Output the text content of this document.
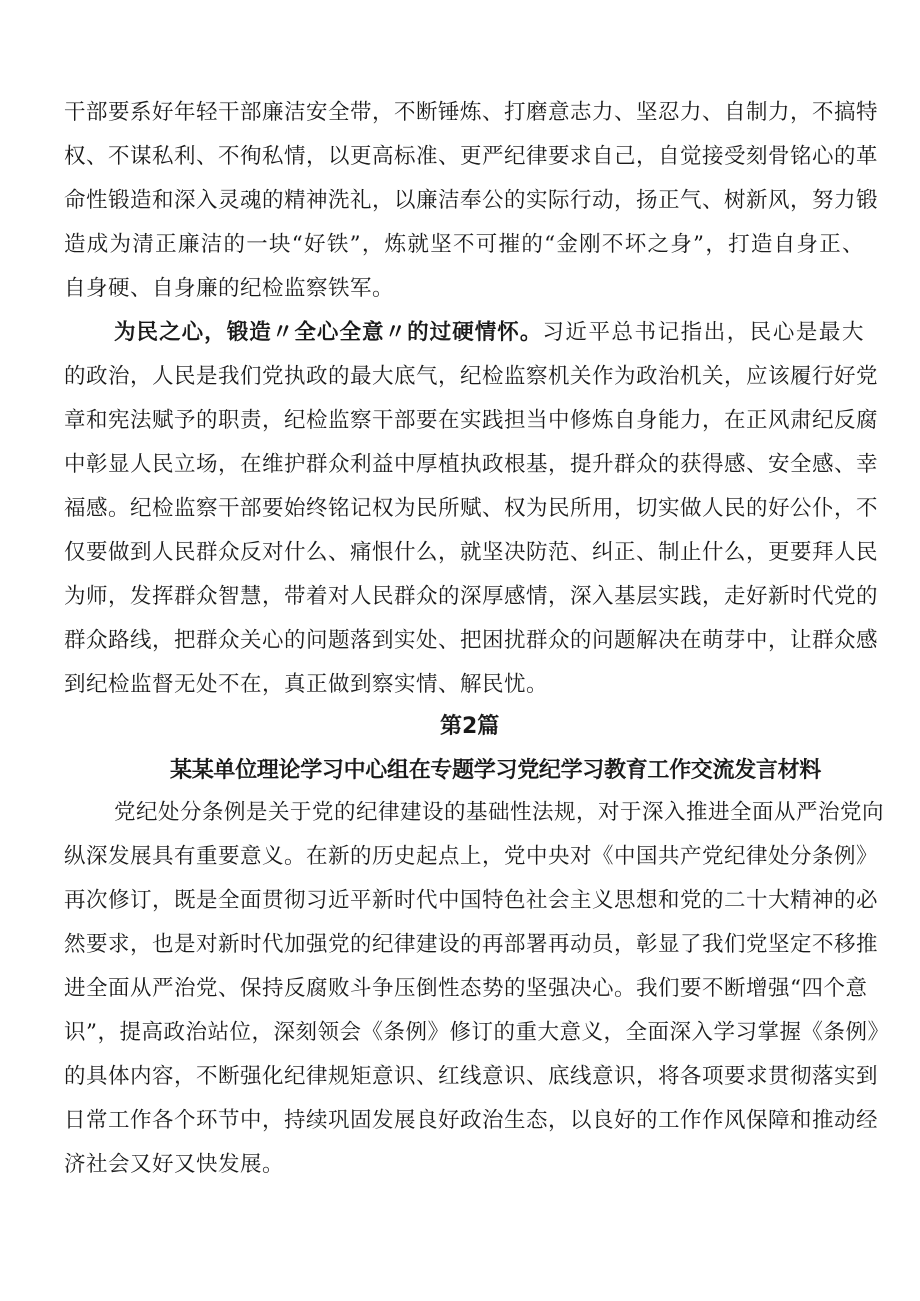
干部要系好年轻干部廉洁安全带，不断锤炼、打磨意志力、坚忍力、自制力，不搞特
权、不谋私利、不徇私情，以更高标准、更严纪律要求自己，自觉接受刻骨铭心的革
命性锻造和深入灵魂的精神洗礼，以廉洁奉公的实际行动，扬正气、树新风，努力锻
造成为清正廉洁的一块“好铁”，炼就坚不可摧的“金刚不坏之身”，打造自身正、
自身硬、自身廉的纪检监察铁军。
为民之心，锻造〃全心全意〃的过硬情怀。习近平总书记指出，民心是最大
的政治，人民是我们党执政的最大底气，纪检监察机关作为政治机关，应该履行好党
章和宪法赋予的职责，纪检监察干部要在实践担当中修炼自身能力，在正风肃纪反腐
中彰显人民立场，在维护群众利益中厚植执政根基，提升群众的获得感、安全感、幸
福感。纪检监察干部要始终铭记权为民所赋、权为民所用，切实做人民的好公仆，不
仅要做到人民群众反对什么、痛恨什么，就坚决防范、纠正、制止什么，更要拜人民
为师，发挥群众智慧，带着对人民群众的深厚感情，深入基层实践，走好新时代党的
群众路线，把群众关心的问题落到实处、把困扰群众的问题解决在萌芽中，让群众感
到纪检监督无处不在，真正做到察实情、解民忧。
第2篇
某某单位理论学习中心组在专题学习党纪学习教育工作交流发言材料
党纪处分条例是关于党的纪律建设的基础性法规，对于深入推进全面从严治党向
纵深发展具有重要意义。在新的历史起点上，党中央对《中国共产党纪律处分条例》
再次修订，既是全面贯彻习近平新时代中国特色社会主义思想和党的二十大精神的必
然要求，也是对新时代加强党的纪律建设的再部署再动员，彰显了我们党坚定不移推
进全面从严治党、保持反腐败斗争压倒性态势的坚强决心。我们要不断增强“四个意
识”，提高政治站位，深刻领会《条例》修订的重大意义，全面深入学习掌握《条例》
的具体内容，不断强化纪律规矩意识、红线意识、底线意识，将各项要求贯彻落实到
日常工作各个环节中，持续巩固发展良好政治生态，以良好的工作作风保障和推动经
济社会又好又快发展。
